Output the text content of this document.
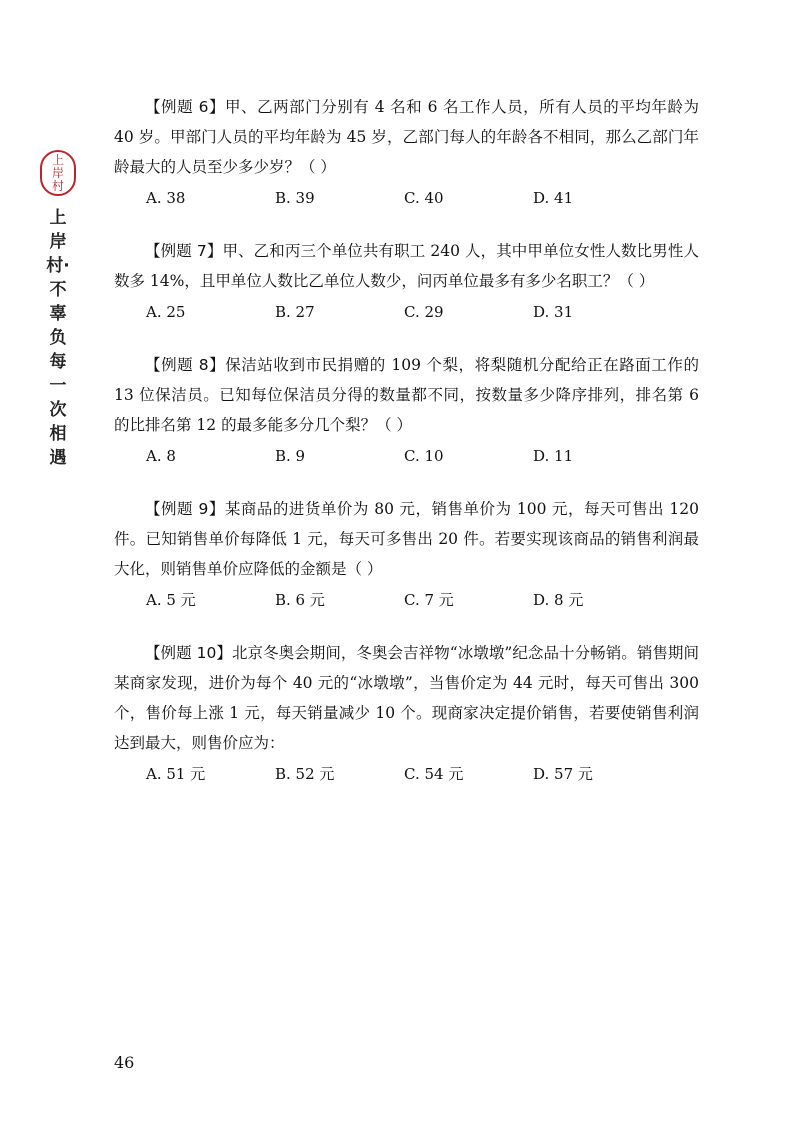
上
岸
村
上岸村·不辜负每一次相遇
【例题 6】甲、乙两部门分别有 4 名和 6 名工作人员，所有人员的平均年龄为 40 岁。甲部门人员的平均年龄为 45 岁，乙部门每人的年龄各不相同，那么乙部门年龄最大的人员至少多少岁？（ ）
A. 38	B. 39	C. 40	D. 41
【例题 7】甲、乙和丙三个单位共有职工 240 人，其中甲单位女性人数比男性人数多 14%，且甲单位人数比乙单位人数少，问丙单位最多有多少名职工？（ ）
A. 25	B. 27	C. 29	D. 31
【例题 8】保洁站收到市民捐赠的 109 个梨，将梨随机分配给正在路面工作的 13 位保洁员。已知每位保洁员分得的数量都不同，按数量多少降序排列，排名第 6 的比排名第 12 的最多能多分几个梨？（ ）
A. 8	B. 9	C. 10	D. 11
【例题 9】某商品的进货单价为 80 元，销售单价为 100 元，每天可售出 120 件。已知销售单价每降低 1 元，每天可多售出 20 件。若要实现该商品的销售利润最大化，则销售单价应降低的金额是（ ）
A. 5 元	B. 6 元	C. 7 元	D. 8 元
【例题 10】北京冬奥会期间，冬奥会吉祥物“冰墩墩”纪念品十分畅销。销售期间某商家发现，进价为每个 40 元的“冰墩墩”，当售价定为 44 元时，每天可售出 300 个，售价每上涨 1 元，每天销量减少 10 个。现商家决定提价销售，若要使销售利润达到最大，则售价应为：
A. 51 元	B. 52 元	C. 54 元	D. 57 元
46
